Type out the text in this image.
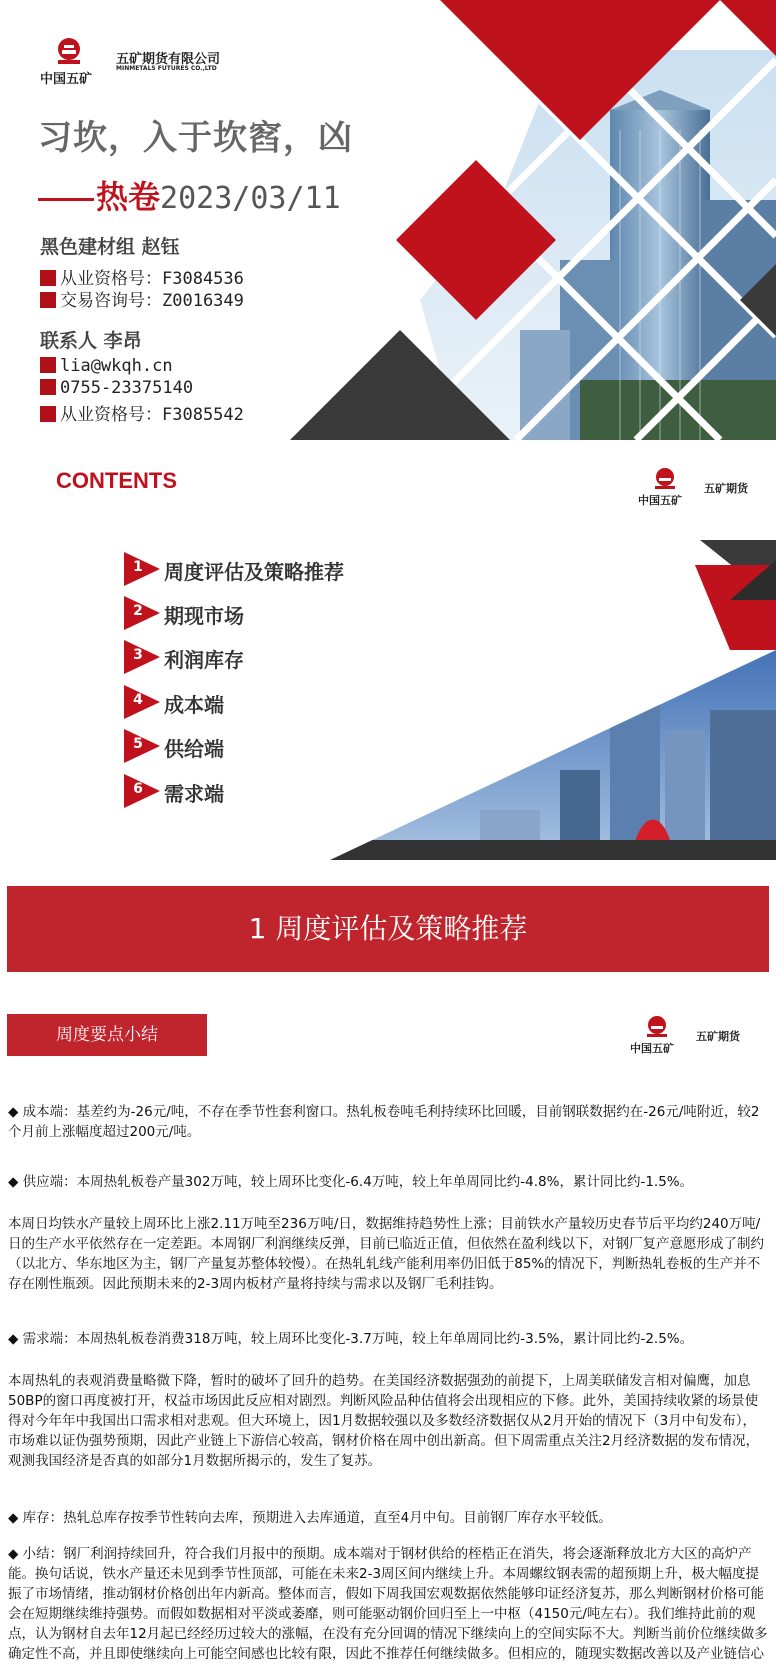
中国五矿
五矿期货有限公司
MINMETALS FUTURES CO.,LTD
习坎，入于坎窞，凶
热卷2023/03/11
黑色建材组 赵钰
从业资格号：F3084536
交易咨询号：Z0016349
联系人 李昂
lia@wkqh.cn
0755-23375140
从业资格号：F3085542
CONTENTS
中国五矿
五矿期货
1 周度评估及策略推荐
2 期现市场
3 利润库存
4 成本端
5 供给端
6 需求端
1 周度评估及策略推荐
周度要点小结
中国五矿
五矿期货

◆ 成本端：基差约为-26元/吨，不存在季节性套利窗口。热轧板卷吨毛利持续环比回暖，目前钢联数据约在-26元/吨附近，较2个月前上涨幅度超过200元/吨。

◆ 供应端：本周热轧板卷产量302万吨，较上周环比变化-6.4万吨，较上年单周同比约-4.8%，累计同比约-1.5%。

本周日均铁水产量较上周环比上涨2.11万吨至236万吨/日，数据维持趋势性上涨；目前铁水产量较历史春节后平均约240万吨/日的生产水平依然存在一定差距。本周钢厂利润继续反弹，目前已临近正值，但依然在盈利线以下，对钢厂复产意愿形成了制约（以北方、华东地区为主，钢厂产量复苏整体较慢）。在热轧轧线产能利用率仍旧低于85%的情况下，判断热轧卷板的生产并不存在刚性瓶颈。因此预期未来的2-3周内板材产量将持续与需求以及钢厂毛利挂钩。

◆ 需求端：本周热轧板卷消费318万吨，较上周环比变化-3.7万吨，较上年单周同比约-3.5%，累计同比约-2.5%。

本周热轧的表观消费量略微下降，暂时的破坏了回升的趋势。在美国经济数据强劲的前提下，上周美联储发言相对偏鹰，加息50BP的窗口再度被打开，权益市场因此反应相对剧烈。判断风险品种估值将会出现相应的下修。此外，美国持续收紧的场景使得对今年年中我国出口需求相对悲观。但大环境上，因1月数据较强以及多数经济数据仅从2月开始的情况下（3月中旬发布），市场难以证伪强势预期，因此产业链上下游信心较高，钢材价格在周中创出新高。但下周需重点关注2月经济数据的发布情况，观测我国经济是否真的如部分1月数据所揭示的，发生了复苏。

◆ 库存：热轧总库存按季节性转向去库，预期进入去库通道，直至4月中旬。目前钢厂库存水平较低。

◆ 小结：钢厂利润持续回升，符合我们月报中的预期。成本端对于钢材供给的桎梏正在消失，将会逐渐释放北方大区的高炉产能。换句话说，铁水产量还未见到季节性顶部，可能在未来2-3周区间内继续上升。本周螺纹钢表需的超预期上升，极大幅度提振了市场情绪，推动钢材价格创出年内新高。整体而言，假如下周我国宏观数据依然能够印证经济复苏，那么判断钢材价格可能会在短期继续维持强势。而假如数据相对平淡或萎靡，则可能驱动钢价回归至上一中枢（4150元/吨左右）。我们维持此前的观点，认为钢材自去年12月起已经经历过较大的涨幅，在没有充分回调的情况下继续向上的空间实际不大。判断当前价位继续做多确定性不高，并且即使继续向上可能空间感也比较有限，因此不推荐任何继续做多。但相应的，随现实数据改善以及产业链信心
